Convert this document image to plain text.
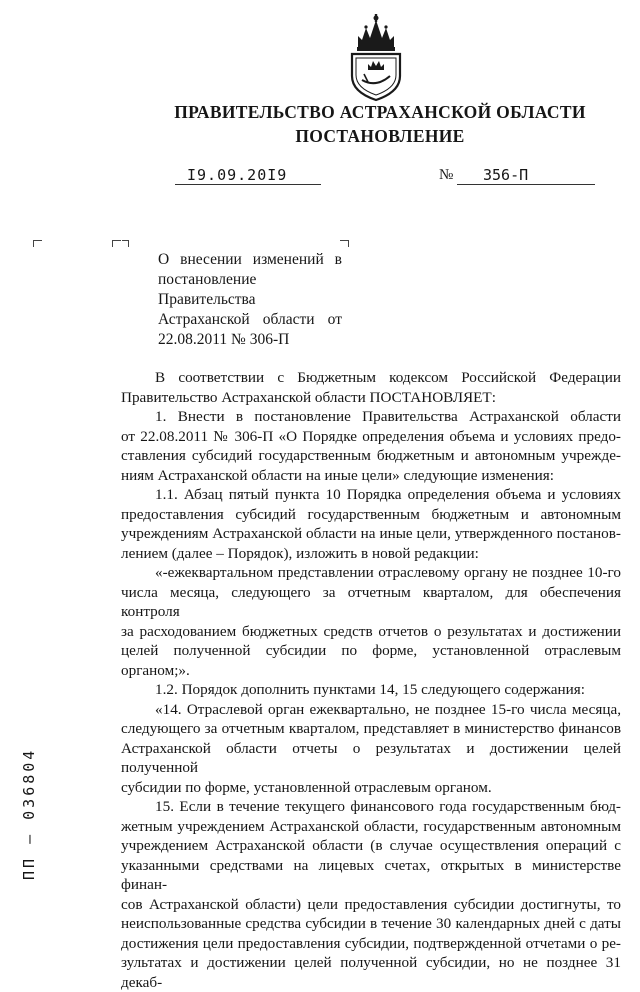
ПРАВИТЕЛЬСТВО АСТРАХАНСКОЙ ОБЛАСТИ
ПОСТАНОВЛЕНИЕ
I9.09.20I9	№	356-П
О внесении изменений в постановление Правительства Астраханской области от 22.08.2011 № 306-П

В соответствии с Бюджетным кодексом Российской Федерации

Правительство Астраханской области ПОСТАНОВЛЯЕТ:

1. Внести в постановление Правительства Астраханской области

от 22.08.2011 № 306-П «О Порядке определения объема и условиях предо-

ставления субсидий государственным бюджетным и автономным учрежде-

ниям Астраханской области на иные цели» следующие изменения:

1.1. Абзац пятый пункта 10 Порядка определения объема и условиях

предоставления субсидий государственным бюджетным и автономным

учреждениям Астраханской области на иные цели, утвержденного постанов-

лением (далее – Порядок), изложить в новой редакции:

«-ежеквартальном представлении отраслевому органу не позднее 10-го

числа месяца, следующего за отчетным кварталом, для обеспечения контроля

за расходованием бюджетных средств отчетов о результатах и достижении

целей полученной субсидии по форме, установленной отраслевым органом;».

1.2. Порядок дополнить пунктами 14, 15 следующего содержания:

«14. Отраслевой орган ежеквартально, не позднее 15-го числа месяца,

следующего за отчетным кварталом, представляет в министерство финансов

Астраханской области отчеты о результатах и достижении целей полученной

субсидии по форме, установленной отраслевым органом.

15. Если в течение текущего финансового года государственным бюд-

жетным учреждением Астраханской области, государственным автономным

учреждением Астраханской области (в случае осуществления операций с

указанными средствами на лицевых счетах, открытых в министерстве финан-

сов Астраханской области) цели предоставления субсидии достигнуты, то

неиспользованные средства субсидии в течение 30 календарных дней с даты

достижения цели предоставления субсидии, подтвержденной отчетами о ре-

зультатах и достижении целей полученной субсидии, но не позднее 31 декаб-

ПП – 036804
